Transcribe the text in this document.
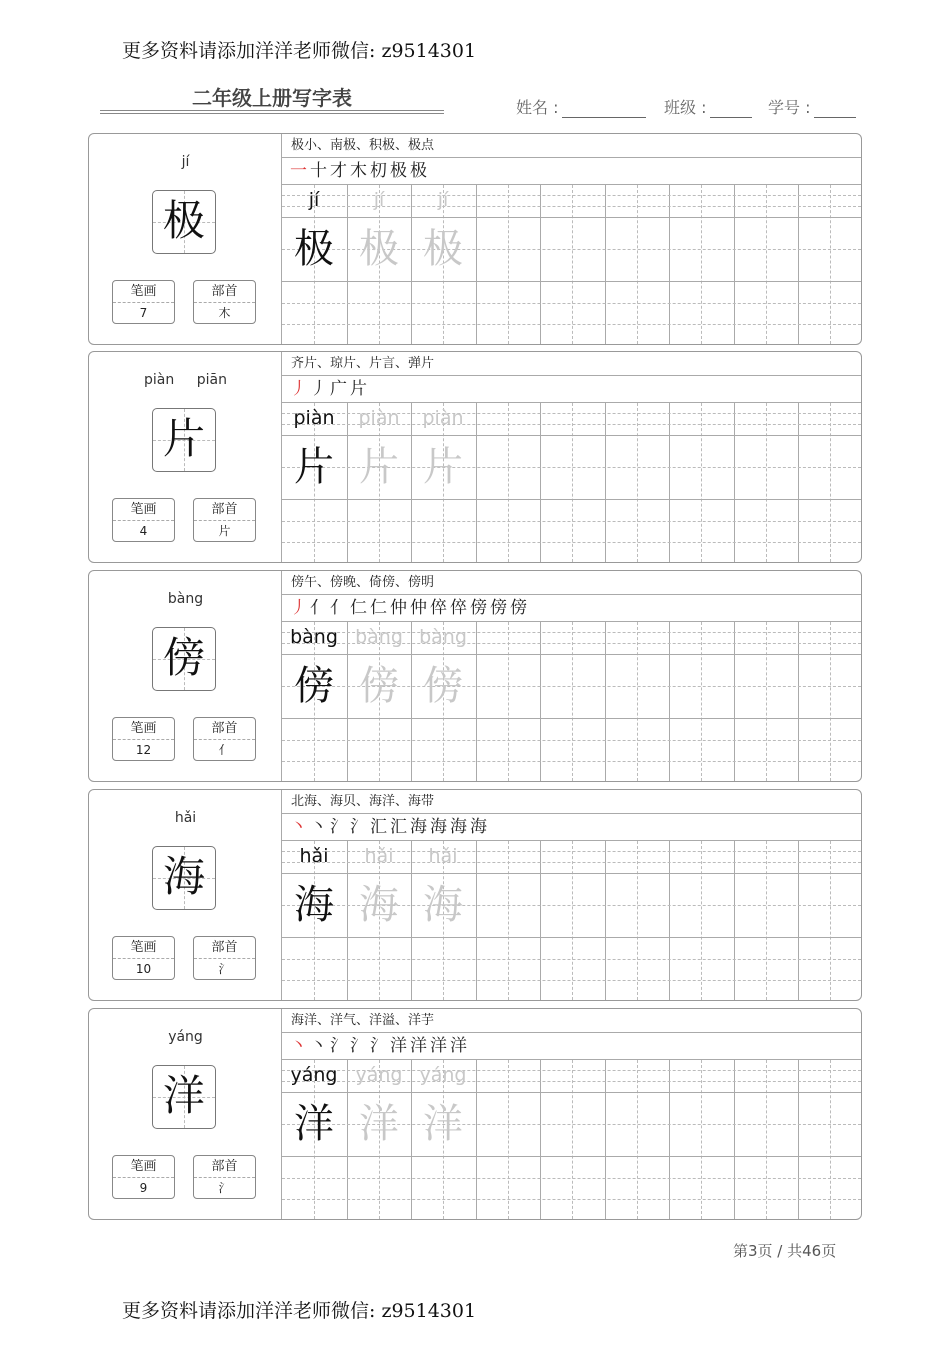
更多资料请添加洋洋老师微信: z9514301
二年级上册写字表	姓名 :	班级 :	学号 :
jí
极
笔画
7
部首
木
极小、南极、积极、极点
一 十 才 木 朷 极 极
jí
极
jí
极
jí
极
piàn piān
片
笔画
4
部首
片
齐片、琼片、片言、弹片
丿 丿 广 片
piàn
片
piàn
片
piàn
片
bàng
傍
笔画
12
部首
亻
傍午、傍晚、倚傍、傍明
丿 亻 亻 仁 仁 仲 仲 倅 倅 傍 傍 傍
bàng
傍
bàng
傍
bàng
傍
hǎi
海
笔画
10
部首
氵
北海、海贝、海洋、海带
丶 丶 氵 氵 汇 汇 海 海 海 海
hǎi
海
hǎi
海
hǎi
海
yáng
洋
笔画
9
部首
氵
海洋、洋气、洋溢、洋芋
丶 丶 氵 氵 氵 洋 洋 洋 洋
yáng
洋
yáng
洋
yáng
洋
第3页 / 共46页
更多资料请添加洋洋老师微信: z9514301
